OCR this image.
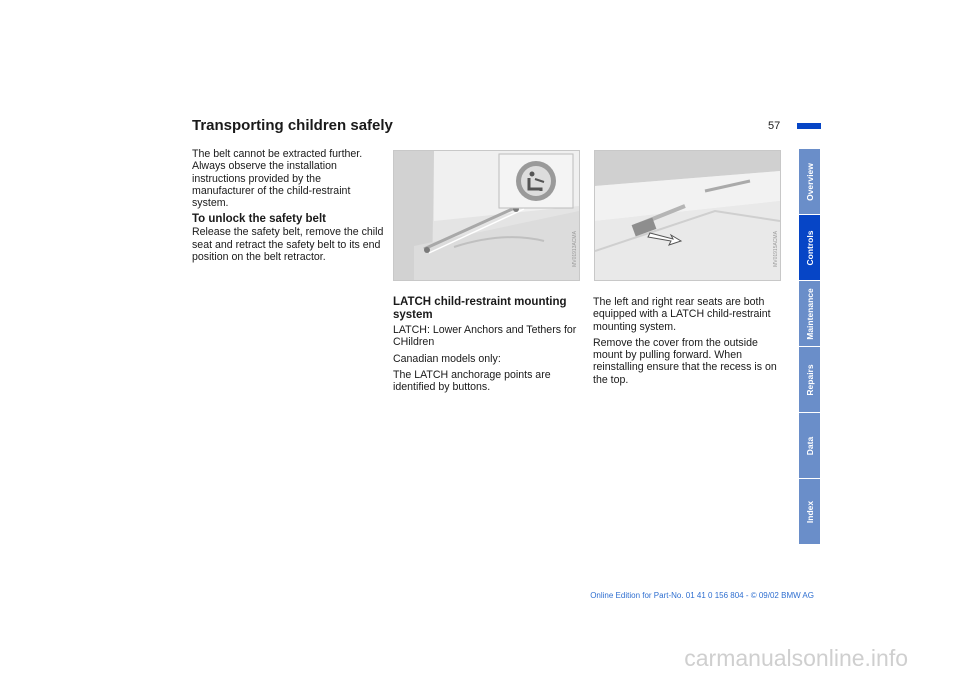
Transporting children safely	57

The belt cannot be extracted further. Always observe the installation instructions provided by the manufacturer of the child-restraint system.

To unlock the safety belt

Release the safety belt, remove the child seat and retract the safety belt to its end position on the belt retractor.	MV01913ACMA	MV01915ACMA
LATCH child-restraint mounting system

LATCH: Lower Anchors and Tethers for CHildren

Canadian models only:

The LATCH anchorage points are identified by buttons.

The left and right rear seats are both equipped with a LATCH child-restraint mounting system.

Remove the cover from the outside mount by pulling forward. When reinstalling ensure that the recess is on the top.

Overview
Controls
Maintenance
Repairs
Data
Index
Online Edition for Part-No. 01 41 0 156 804 - © 09/02 BMW AG
carmanualsonline.info
